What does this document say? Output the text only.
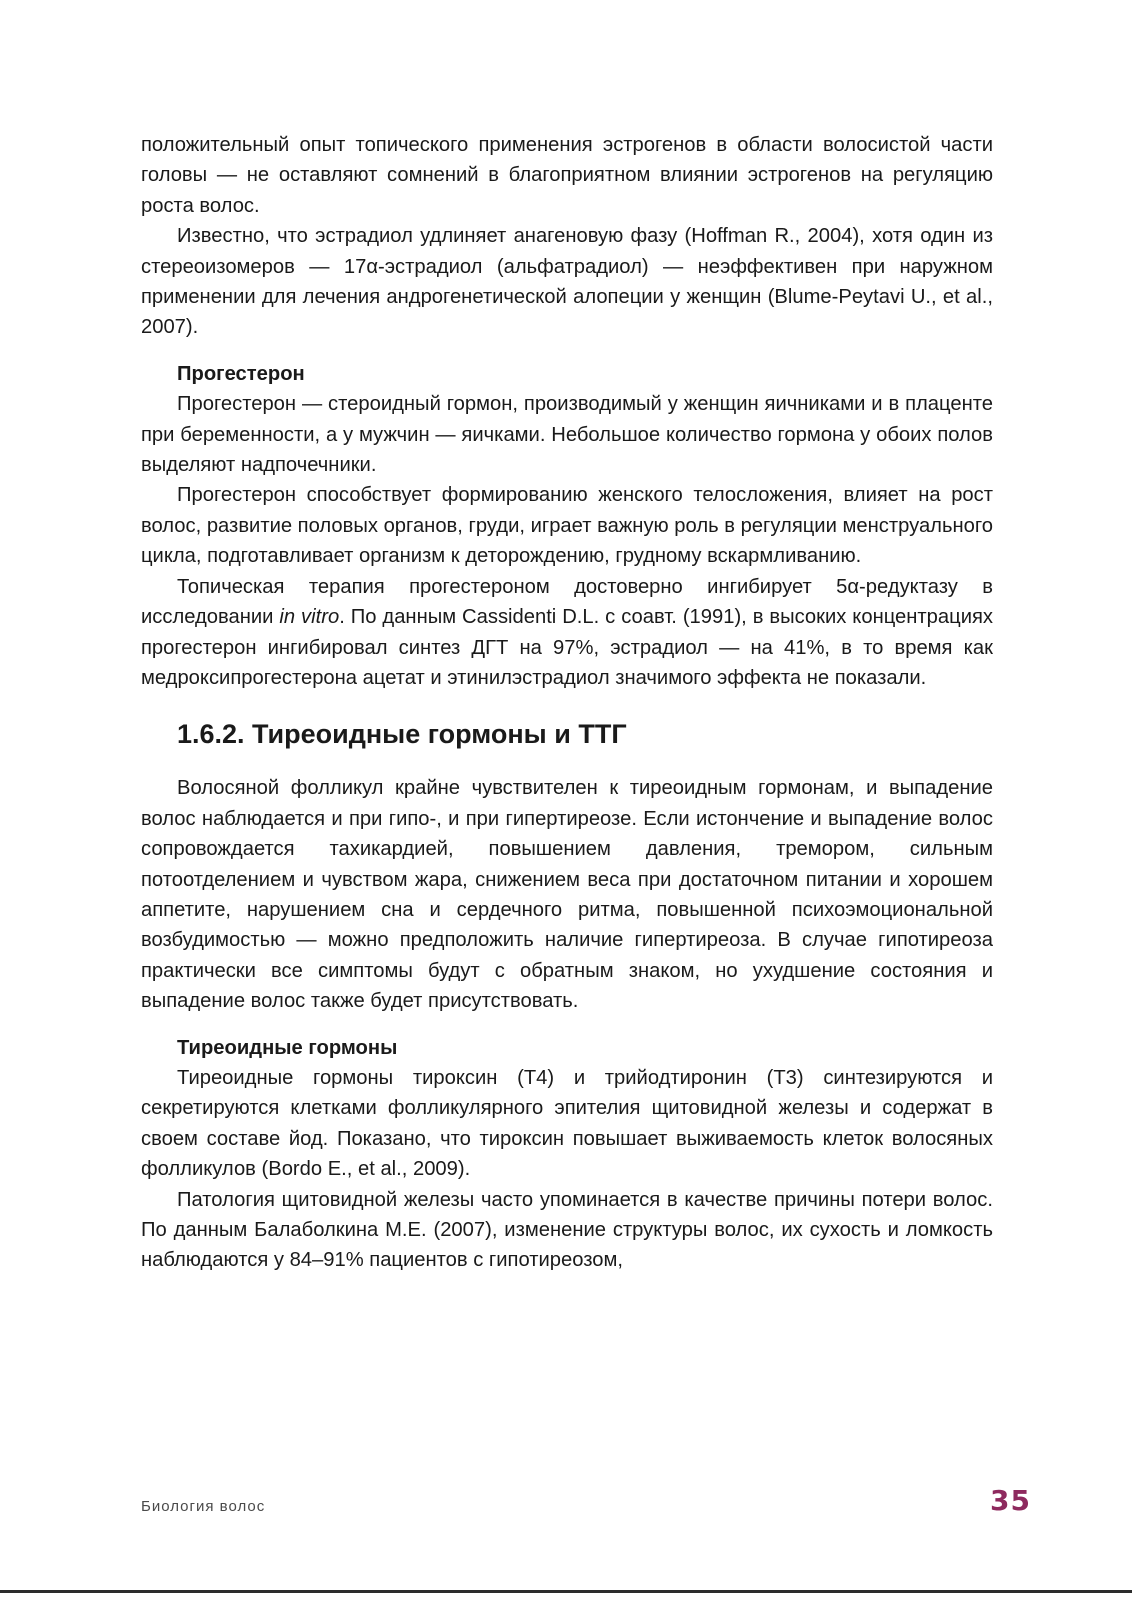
положительный опыт топического применения эстрогенов в области волосистой части головы — не оставляют сомнений в благоприятном влиянии эстрогенов на регуляцию роста волос.

Известно, что эстрадиол удлиняет анагеновую фазу (Hoffman R., 2004), хотя один из стереоизомеров — 17α-эстрадиол (альфатрадиол) — неэффективен при наружном применении для лечения андрогенетической алопеции у женщин (Blume-Peytavi U., et al., 2007).

Прогестерон

Прогестерон — стероидный гормон, производимый у женщин яичниками и в плаценте при беременности, а у мужчин — яичками. Небольшое количество гормона у обоих полов выделяют надпочечники.

Прогестерон способствует формированию женского телосложения, влияет на рост волос, развитие половых органов, груди, играет важную роль в регуляции менструального цикла, подготавливает организм к деторождению, грудному вскармливанию.

Топическая терапия прогестероном достоверно ингибирует 5α-редуктазу в исследовании in vitro. По данным Cassidenti D.L. с соавт. (1991), в высоких концентрациях прогестерон ингибировал синтез ДГТ на 97%, эстрадиол — на 41%, в то время как медроксипрогестерона ацетат и этинилэстрадиол значимого эффекта не показали.

1.6.2. Тиреоидные гормоны и ТТГ

Волосяной фолликул крайне чувствителен к тиреоидным гормонам, и выпадение волос наблюдается и при гипо-, и при гипертиреозе. Если истончение и выпадение волос сопровождается тахикардией, повышением давления, тремором, сильным потоотделением и чувством жара, снижением веса при достаточном питании и хорошем аппетите, нарушением сна и сердечного ритма, повышенной психоэмоциональной возбудимостью — можно предположить наличие гипертиреоза. В случае гипотиреоза практически все симптомы будут с обратным знаком, но ухудшение состояния и выпадение волос также будет присутствовать.

Тиреоидные гормоны

Тиреоидные гормоны тироксин (Т4) и трийодтиронин (Т3) синтезируются и секретируются клетками фолликулярного эпителия щитовидной железы и содержат в своем составе йод. Показано, что тироксин повышает выживаемость клеток волосяных фолликулов (Bordo E., et al., 2009).

Патология щитовидной железы часто упоминается в качестве причины потери волос. По данным Балаболкина М.Е. (2007), изменение структуры волос, их сухость и ломкость наблюдаются у 84–91% пациентов с гипотиреозом,

Биология волос	35
